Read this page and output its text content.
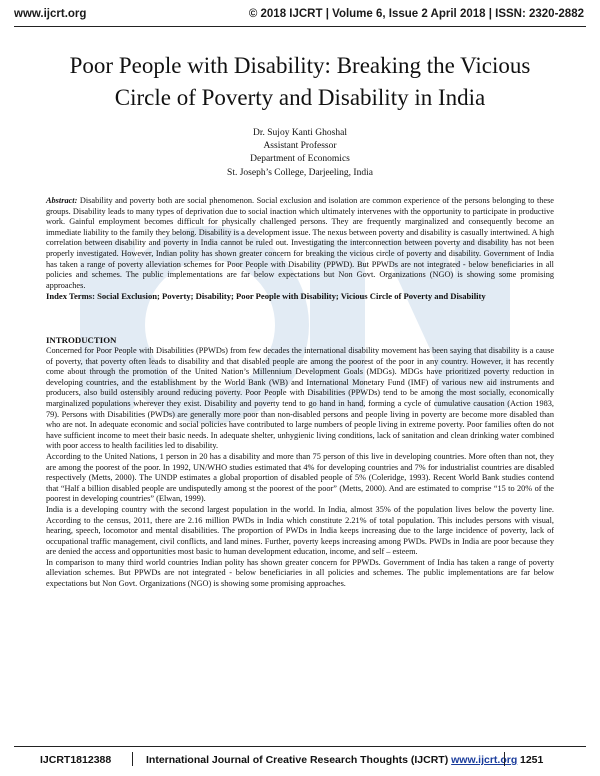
www.ijcrt.org	© 2018 IJCRT | Volume 6, Issue 2 April 2018 | ISSN: 2320-2882
Poor People with Disability: Breaking the Vicious
Circle of Poverty and Disability in India
Dr. Sujoy Kanti Ghoshal
Assistant Professor
Department of Economics
St. Joseph’s College, Darjeeling, India
Abstract: Disability and poverty both are social phenomenon. Social exclusion and isolation are common experience of the persons belonging to these groups. Disability leads to many types of deprivation due to social inaction which ultimately intervenes with the opportunity to participate in productive work. Gainful employment becomes difficult for physically challenged persons. They are frequently marginalized and consequently become an immediate liability to the family they belong. Disability is a development issue. The nexus between poverty and disability is casually intertwined. A high correlation between disability and poverty in India cannot be ruled out. Investigating the interconnection between poverty and disability has not been properly investigated. However, Indian polity has shown greater concern for breaking the vicious circle of poverty and disability. Government of India has taken a range of poverty alleviation schemes for Poor People with Disability (PPWD). But PPWDs are not integrated - below beneficiaries in all policies and schemes. The public implementations are far below expectations but Non Govt. Organizations (NGO) is showing some promising approaches.
Index Terms: Social Exclusion; Poverty; Disability; Poor People with Disability; Vicious Circle of Poverty and Disability
INTRODUCTION

Concerned for Poor People with Disabilities (PPWDs) from few decades the international disability movement has been saying that disability is a cause of poverty, that poverty often leads to disability and that disabled people are among the poorest of the poor in any country. However, it has recently come about through the promotion of the United Nation’s Millennium Development Goals (MDGs). MDGs have prioritized poverty reduction in developing countries, and the establishment by the World Bank (WB) and International Monetary Fund (IMF) of various new aid instruments and producers, also build ostensibly around reducing poverty. Poor People with Disabilities (PPWDs) tend to be among the most socially, economically marginalized populations wherever they exist. Disability and poverty tend to go hand in hand, forming a cycle of cumulative causation (Action 1983, 79). Persons with Disabilities (PWDs) are generally more poor than non-disabled persons and people living in poverty are become more disabled than who are not. In adequate economic and social policies have contributed to large numbers of people living in extreme poverty. Poor families often do not have sufficient income to meet their basic needs. In adequate shelter, unhygienic living conditions, lack of sanitation and clean drinking water combined with poor access to health facilities led to disability.

According to the United Nations, 1 person in 20 has a disability and more than 75 person of this live in developing countries. More often than not, they are among the poorest of the poor. In 1992, UN/WHO studies estimated that 4% for developing countries and 7% for industrialist countries are disabled respectively (Metts, 2000). The UNDP estimates a global proportion of disabled people of 5% (Coleridge, 1993). Recent World Bank studies contend that “Half a billion disabled people are undisputedly among st the poorest of the poor” (Metts, 2000). And are estimated to comprise “15 to 20% of the poorest in developing countries” (Elwan, 1999).

India is a developing country with the second largest population in the world. In India, almost 35% of the population lives below the poverty line. According to the census, 2011, there are 2.16 million PWDs in India which constitute 2.21% of total population. This includes persons with visual, hearing, speech, locomotor and mental disabilities. The proportion of PWDs in India keeps increasing due to the large incidence of poverty, lack of occupational traffic management, civil conflicts, and land mines. Further, poverty keeps increasing among PWDs. PWDs in India are poor because they are denied the access and opportunities most basic to human development education, income, and self – esteem.

In comparison to many third world countries Indian polity has shown greater concern for PPWDs. Government of India has taken a range of poverty alleviation schemes. But PPWDs are not integrated - below beneficiaries in all policies and schemes. The public implementations are far below expectations but Non Govt. Organizations (NGO) is showing some promising approaches.

IJCRT1812388	International Journal of Creative Research Thoughts (IJCRT) www.ijcrt.org 1251
